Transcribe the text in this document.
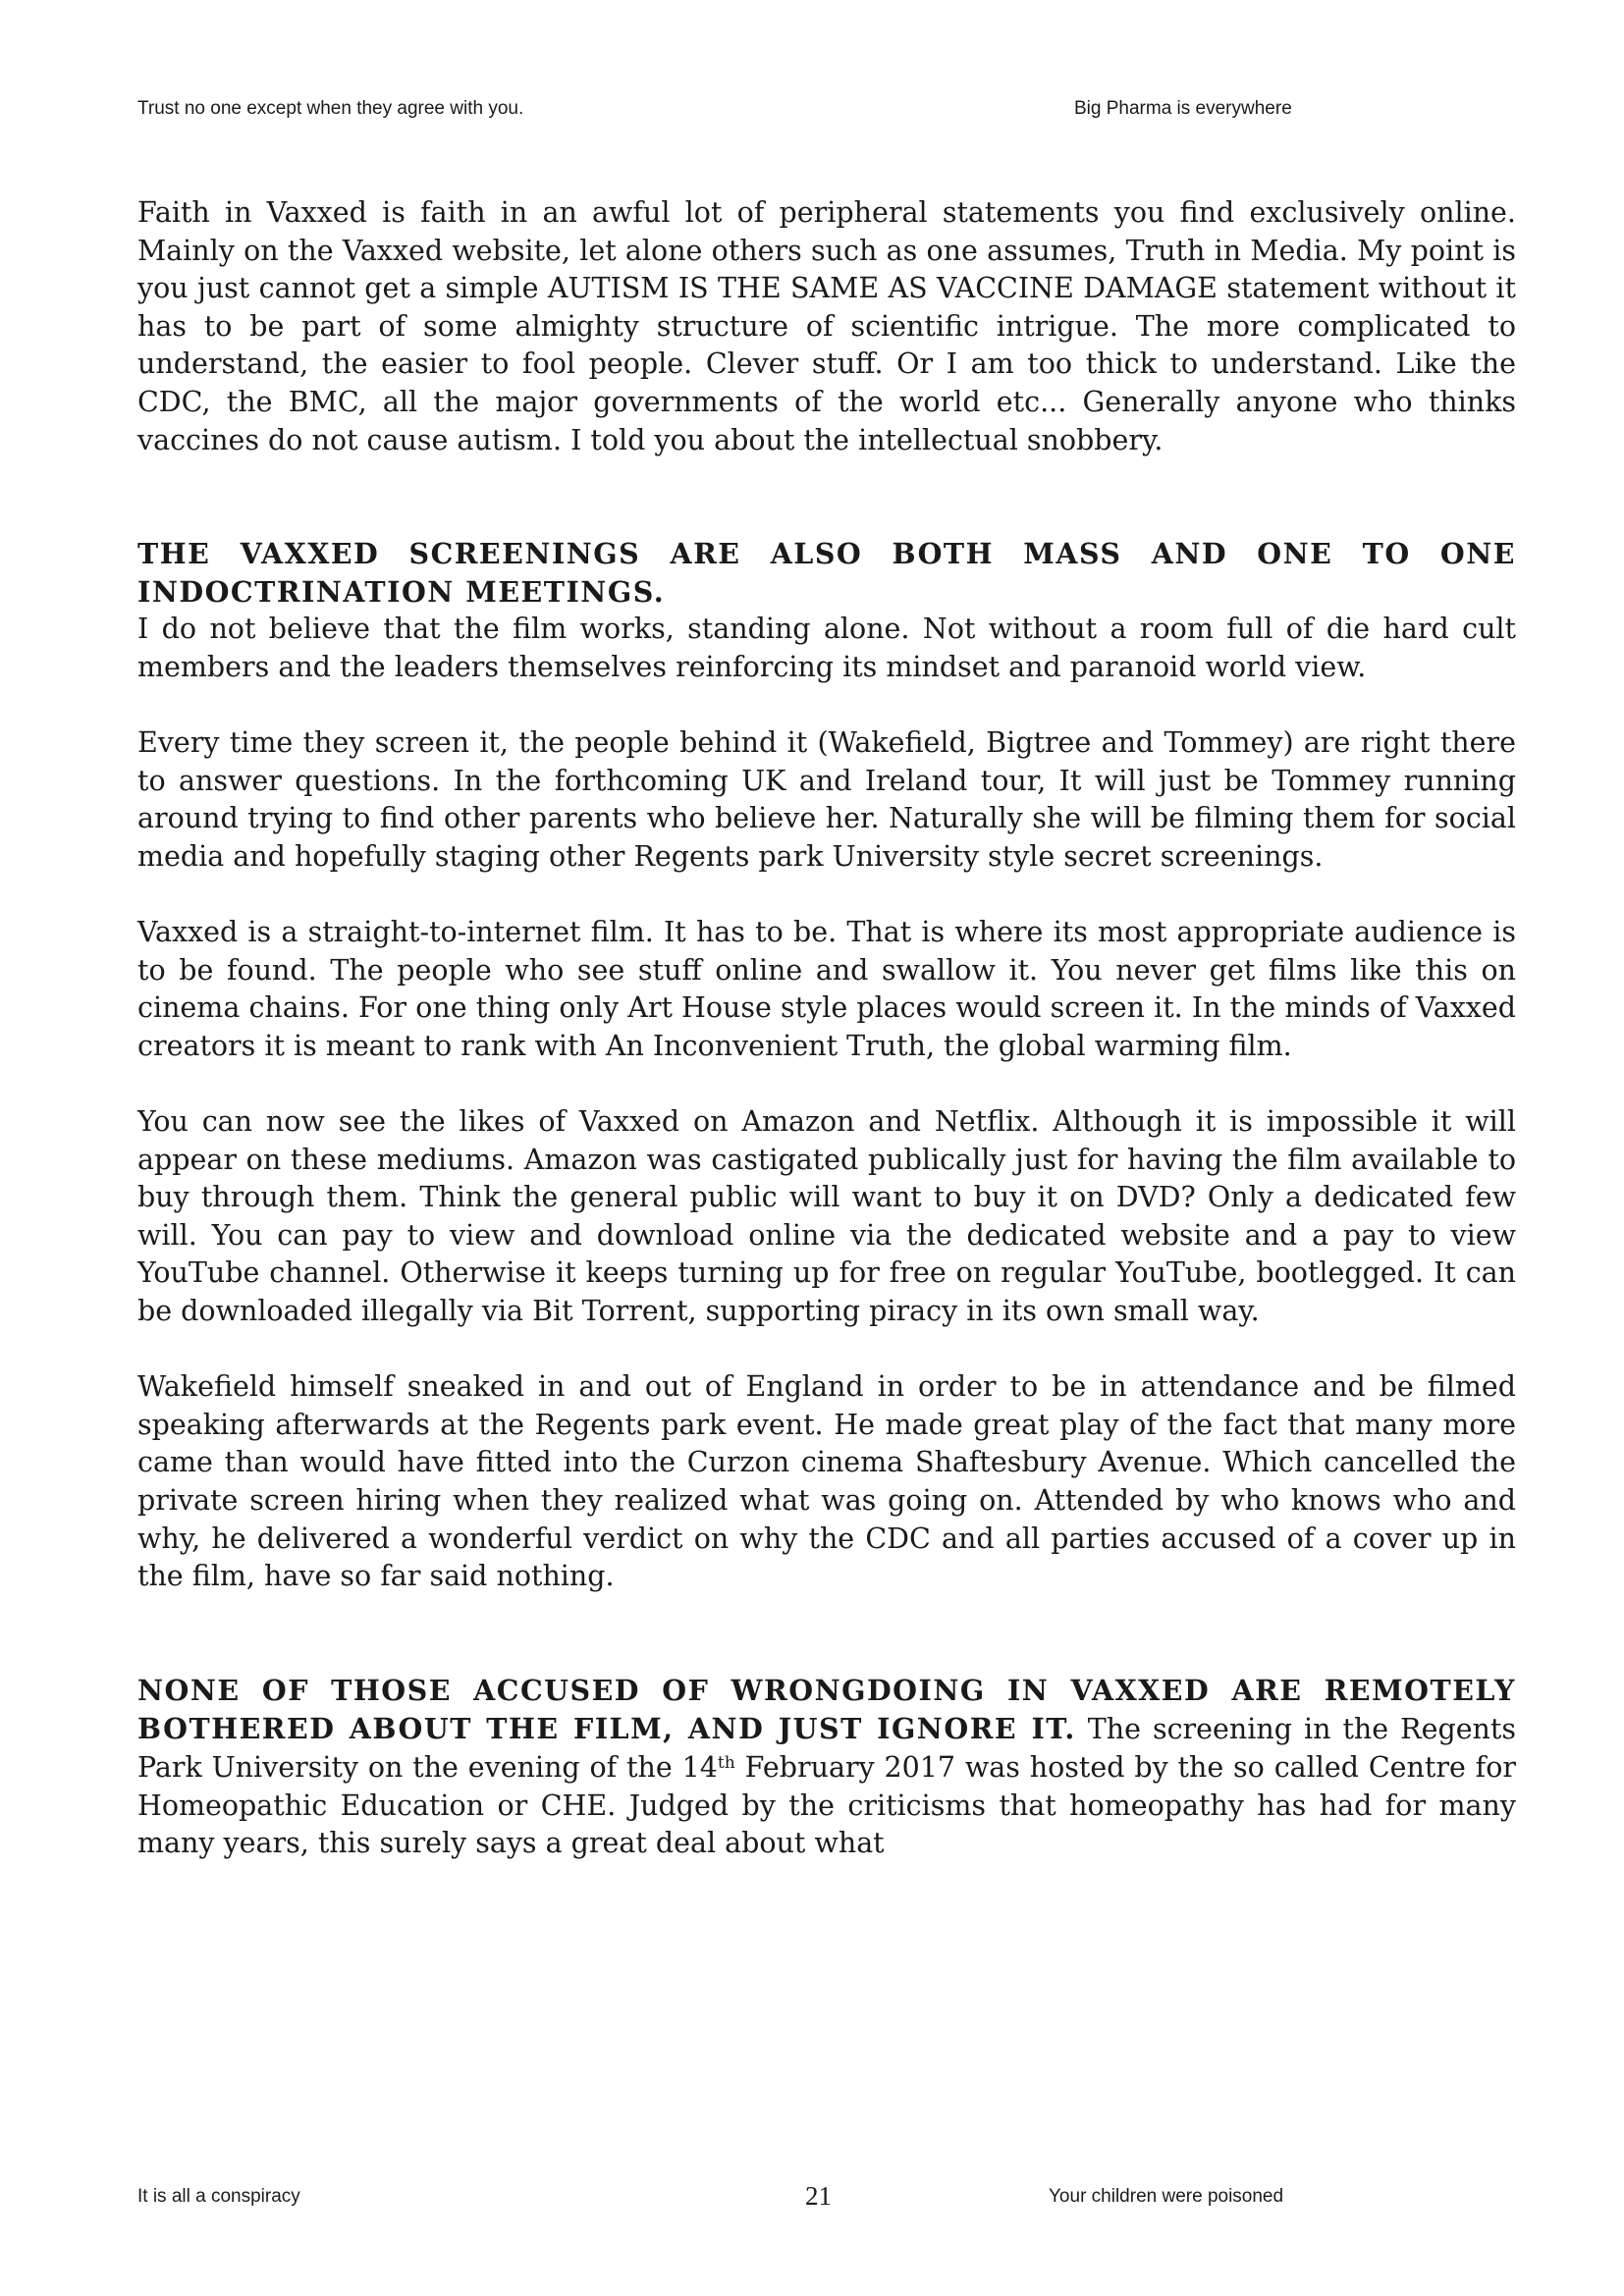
Trust no one except when they agree with you.	Big Pharma is everywhere

Faith in Vaxxed is faith in an awful lot of peripheral statements you find exclusively online. Mainly on the Vaxxed website, let alone others such as one assumes, Truth in Media. My point is you just cannot get a simple AUTISM IS THE SAME AS VACCINE DAMAGE statement without it has to be part of some almighty structure of scientific intrigue. The more complicated to understand, the easier to fool people. Clever stuff. Or I am too thick to understand. Like the CDC, the BMC, all the major governments of the world etc... Generally anyone who thinks vaccines do not cause autism. I told you about the intellectual snobbery.

THE VAXXED SCREENINGS ARE ALSO BOTH MASS AND ONE TO ONE INDOCTRINATION MEETINGS.

I do not believe that the film works, standing alone. Not without a room full of die hard cult members and the leaders themselves reinforcing its mindset and paranoid world view.

Every time they screen it, the people behind it (Wakefield, Bigtree and Tommey) are right there to answer questions. In the forthcoming UK and Ireland tour, It will just be Tommey running around trying to find other parents who believe her. Naturally she will be filming them for social media and hopefully staging other Regents park University style secret screenings.

Vaxxed is a straight-to-internet film. It has to be. That is where its most appropriate audience is to be found. The people who see stuff online and swallow it. You never get films like this on cinema chains. For one thing only Art House style places would screen it. In the minds of Vaxxed creators it is meant to rank with An Inconvenient Truth, the global warming film.

You can now see the likes of Vaxxed on Amazon and Netflix. Although it is impossible it will appear on these mediums. Amazon was castigated publically just for having the film available to buy through them. Think the general public will want to buy it on DVD? Only a dedicated few will. You can pay to view and download online via the dedicated website and a pay to view YouTube channel. Otherwise it keeps turning up for free on regular YouTube, bootlegged. It can be downloaded illegally via Bit Torrent, supporting piracy in its own small way.

Wakefield himself sneaked in and out of England in order to be in attendance and be filmed speaking afterwards at the Regents park event. He made great play of the fact that many more came than would have fitted into the Curzon cinema Shaftesbury Avenue. Which cancelled the private screen hiring when they realized what was going on. Attended by who knows who and why, he delivered a wonderful verdict on why the CDC and all parties accused of a cover up in the film, have so far said nothing.

NONE OF THOSE ACCUSED OF WRONGDOING IN VAXXED ARE REMOTELY BOTHERED ABOUT THE FILM, AND JUST IGNORE IT. The screening in the Regents Park University on the evening of the 14th February 2017 was hosted by the so called Centre for Homeopathic Education or CHE. Judged by the criticisms that homeopathy has had for many many years, this surely says a great deal about what

It is all a conspiracy	21	Your children were poisoned
